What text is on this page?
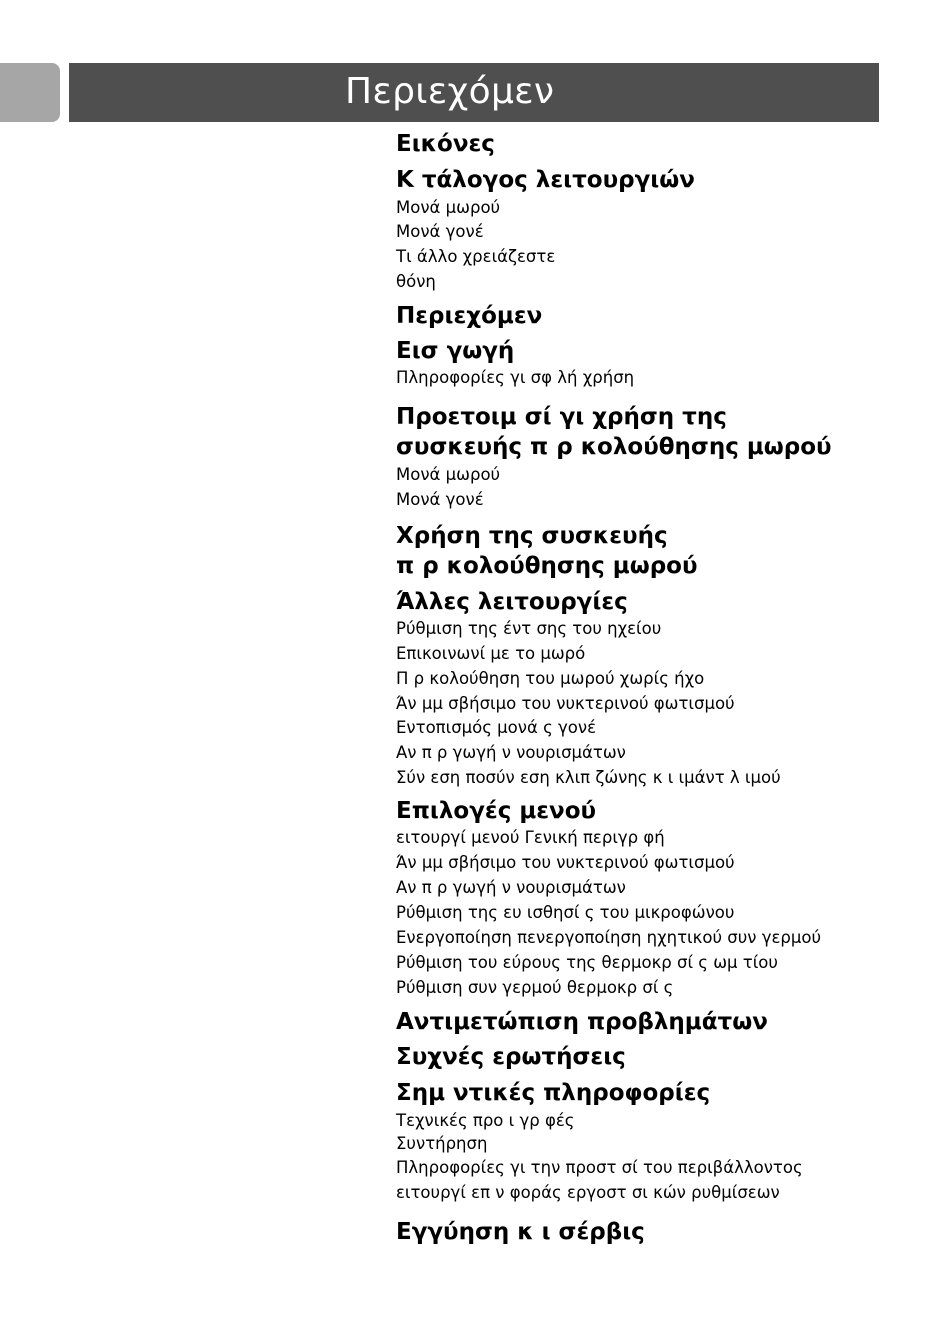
Περιεχόμεν
Εικόνες
Κ τάλογος λειτουργιών
Μονά μωρού
Μονά γονέ
Τι άλλο χρειάζεστε
θόνη
Περιεχόμεν
Εισ γωγή
Πληροφορίες γι σφ λή χρήση
Προετοιμ σί γι χρήση της
συσκευής π ρ κολούθησης μωρού
Μονά μωρού
Μονά γονέ
Χρήση της συσκευής
π ρ κολούθησης μωρού
Άλλες λειτουργίες
Ρύθμιση της έντ σης του ηχείου
Επικοινωνί με το μωρό
Π ρ κολούθηση του μωρού χωρίς ήχο
Άν μμ σβήσιμο του νυκτερινού φωτισμού
Εντοπισμός μονά ς γονέ
Αν π ρ γωγή ν νουρισμάτων
Σύν εση ποσύν εση κλιπ ζώνης κ ι ιμάντ λ ιμού
Επιλογές μενού
ειτουργί μενού Γενική περιγρ φή
Άν μμ σβήσιμο του νυκτερινού φωτισμού
Αν π ρ γωγή ν νουρισμάτων
Ρύθμιση της ευ ισθησί ς του μικροφώνου
Ενεργοποίηση πενεργοποίηση ηχητικού συν γερμού
Ρύθμιση του εύρους της θερμοκρ σί ς ωμ τίου
Ρύθμιση συν γερμού θερμοκρ σί ς
Αντιμετώπιση προβλημάτων
Συχνές ερωτήσεις
Σημ ντικές πληροφορίες
Τεχνικές προ ι γρ φές
Συντήρηση
Πληροφορίες γι την προστ σί του περιβάλλοντος
ειτουργί επ ν φοράς εργοστ σι κών ρυθμίσεων
Εγγύηση κ ι σέρβις
